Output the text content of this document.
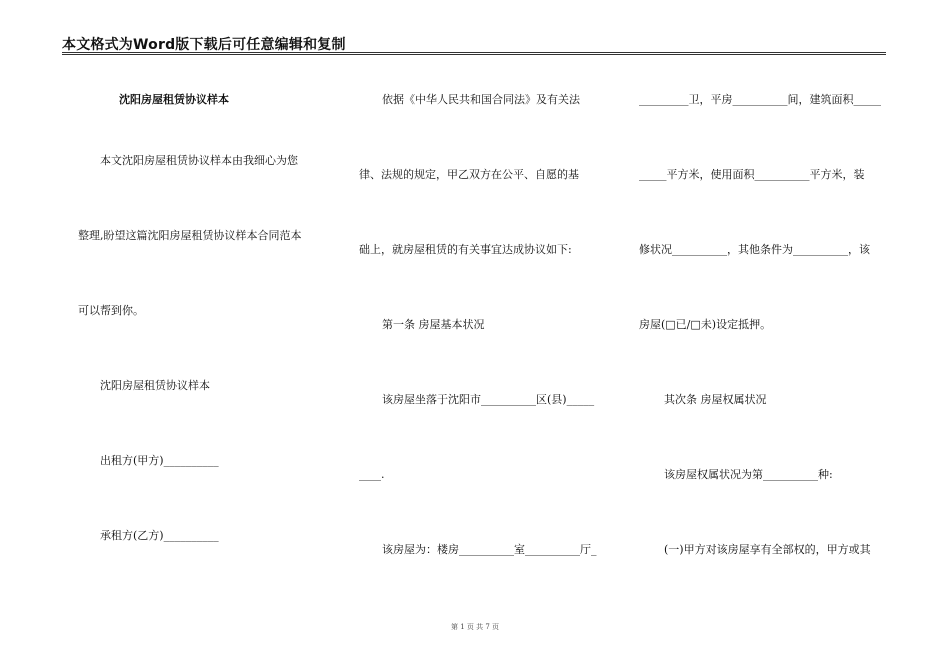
本文格式为Word版下载后可任意编辑和复制
沈阳房屋租赁协议样本
本文沈阳房屋租赁协议样本由我细心为您
整理,盼望这篇沈阳房屋租赁协议样本合同范本
可以帮到你。
沈阳房屋租赁协议样本
出租方(甲方)__________
承租方(乙方)__________
依据《中华人民共和国合同法》及有关法
律、法规的规定，甲乙双方在公平、自愿的基
础上，就房屋租赁的有关事宜达成协议如下:
第一条 房屋基本状况
该房屋坐落于沈阳市__________区(县)_____
____.
该房屋为：楼房__________室__________厅_
_________卫，平房__________间，建筑面积_____
_____平方米，使用面积__________平方米，装
修状况__________，其他条件为__________，该
房屋(□已/□未)设定抵押。
其次条 房屋权属状况
该房屋权属状况为第__________种:
(一)甲方对该房屋享有全部权的，甲方或其
第 1 页 共 7 页
